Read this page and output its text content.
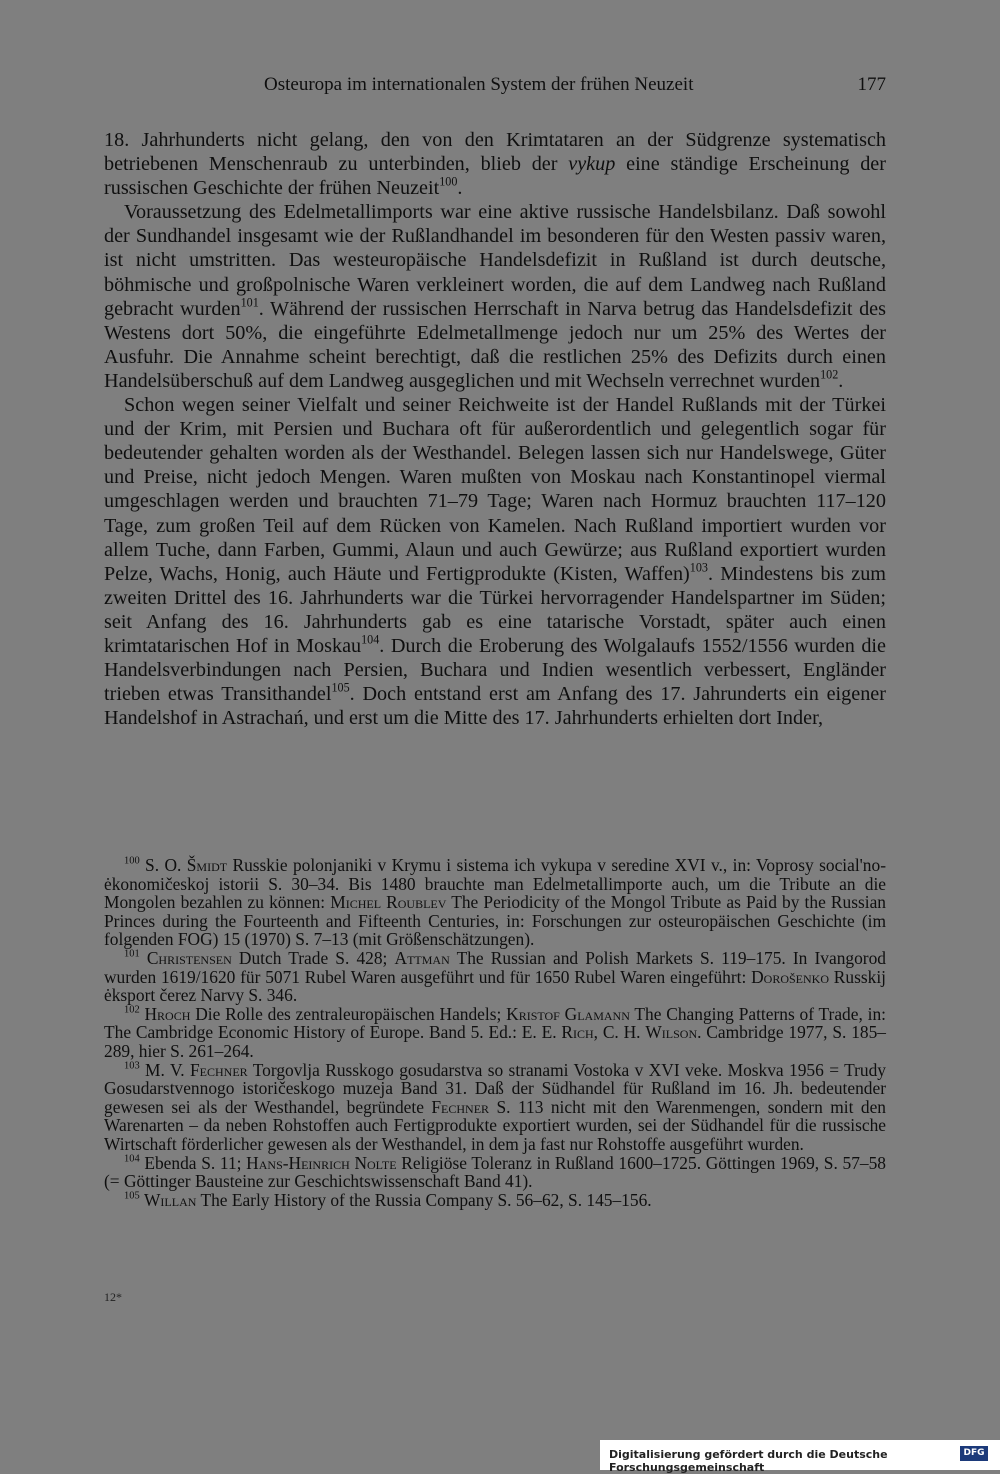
Osteuropa im internationalen System der frühen Neuzeit	177

18. Jahrhunderts nicht gelang, den von den Krimtataren an der Südgrenze systematisch betriebenen Menschenraub zu unterbinden, blieb der vykup eine ständige Erscheinung der russischen Geschichte der frühen Neuzeit$^{100}$.

Voraussetzung des Edelmetallimports war eine aktive russische Handelsbilanz. Daß sowohl der Sundhandel insgesamt wie der Rußlandhandel im besonderen für den Westen passiv waren, ist nicht umstritten. Das westeuropäische Handelsdefizit in Rußland ist durch deutsche, böhmische und großpolnische Waren verkleinert worden, die auf dem Landweg nach Rußland gebracht wurden$^{101}$. Während der russischen Herrschaft in Narva betrug das Handelsdefizit des Westens dort 50%, die eingeführte Edelmetallmenge jedoch nur um 25% des Wertes der Ausfuhr. Die Annahme scheint berechtigt, daß die restlichen 25% des Defizits durch einen Handelsüberschuß auf dem Landweg ausgeglichen und mit Wechseln verrechnet wurden$^{102}$.

Schon wegen seiner Vielfalt und seiner Reichweite ist der Handel Rußlands mit der Türkei und der Krim, mit Persien und Buchara oft für außerordentlich und gelegentlich sogar für bedeutender gehalten worden als der Westhandel. Belegen lassen sich nur Handelswege, Güter und Preise, nicht jedoch Mengen. Waren mußten von Moskau nach Konstantinopel viermal umgeschlagen werden und brauchten 71–79 Tage; Waren nach Hormuz brauchten 117–120 Tage, zum großen Teil auf dem Rücken von Kamelen. Nach Rußland importiert wurden vor allem Tuche, dann Farben, Gummi, Alaun und auch Gewürze; aus Rußland exportiert wurden Pelze, Wachs, Honig, auch Häute und Fertigprodukte (Kisten, Waffen)$^{103}$. Mindestens bis zum zweiten Drittel des 16. Jahrhunderts war die Türkei hervorragender Handelspartner im Süden; seit Anfang des 16. Jahrhunderts gab es eine tatarische Vorstadt, später auch einen krimtatarischen Hof in Moskau$^{104}$. Durch die Eroberung des Wolgalaufs 1552/1556 wurden die Handelsverbindungen nach Persien, Buchara und Indien wesentlich verbessert, Engländer trieben etwas Transithandel$^{105}$. Doch entstand erst am Anfang des 17. Jahrunderts ein eigener Handelshof in Astrachań, und erst um die Mitte des 17. Jahrhunderts erhielten dort Inder,

$^{100}$ S. O. Šmidt Russkie polonjaniki v Krymu i sistema ich vykupa v seredine XVI v., in: Voprosy social'no-ėkonomičeskoj istorii S. 30–34. Bis 1480 brauchte man Edelmetallimporte auch, um die Tribute an die Mongolen bezahlen zu können: Michel Roublev The Periodicity of the Mongol Tribute as Paid by the Russian Princes during the Fourteenth and Fifteenth Centuries, in: Forschungen zur osteuropäischen Geschichte (im folgenden FOG) 15 (1970) S. 7–13 (mit Größenschätzungen).

$^{101}$ Christensen Dutch Trade S. 428; Attman The Russian and Polish Markets S. 119–175. In Ivangorod wurden 1619/1620 für 5071 Rubel Waren ausgeführt und für 1650 Rubel Waren eingeführt: Dorošenko Russkij ėksport čerez Narvy S. 346.

$^{102}$ Hroch Die Rolle des zentraleuropäischen Handels; Kristof Glamann The Changing Patterns of Trade, in: The Cambridge Economic History of Europe. Band 5. Ed.: E. E. Rich, C. H. Wilson. Cambridge 1977, S. 185–289, hier S. 261–264.

$^{103}$ M. V. Fechner Torgovlja Russkogo gosudarstva so stranami Vostoka v XVI veke. Moskva 1956 = Trudy Gosudarstvennogo istoričeskogo muzeja Band 31. Daß der Südhandel für Rußland im 16. Jh. bedeutender gewesen sei als der Westhandel, begründete Fechner S. 113 nicht mit den Warenmengen, sondern mit den Warenarten – da neben Rohstoffen auch Fertigprodukte exportiert wurden, sei der Südhandel für die russische Wirtschaft förderlicher gewesen als der Westhandel, in dem ja fast nur Rohstoffe ausgeführt wurden.

$^{104}$ Ebenda S. 11; Hans-Heinrich Nolte Religiöse Toleranz in Rußland 1600–1725. Göttingen 1969, S. 57–58 (= Göttinger Bausteine zur Geschichtswissenschaft Band 41).

$^{105}$ Willan The Early History of the Russia Company S. 56–62, S. 145–156.

12*
Digitalisierung gefördert durch die Deutsche Forschungsgemeinschaft
DFG
